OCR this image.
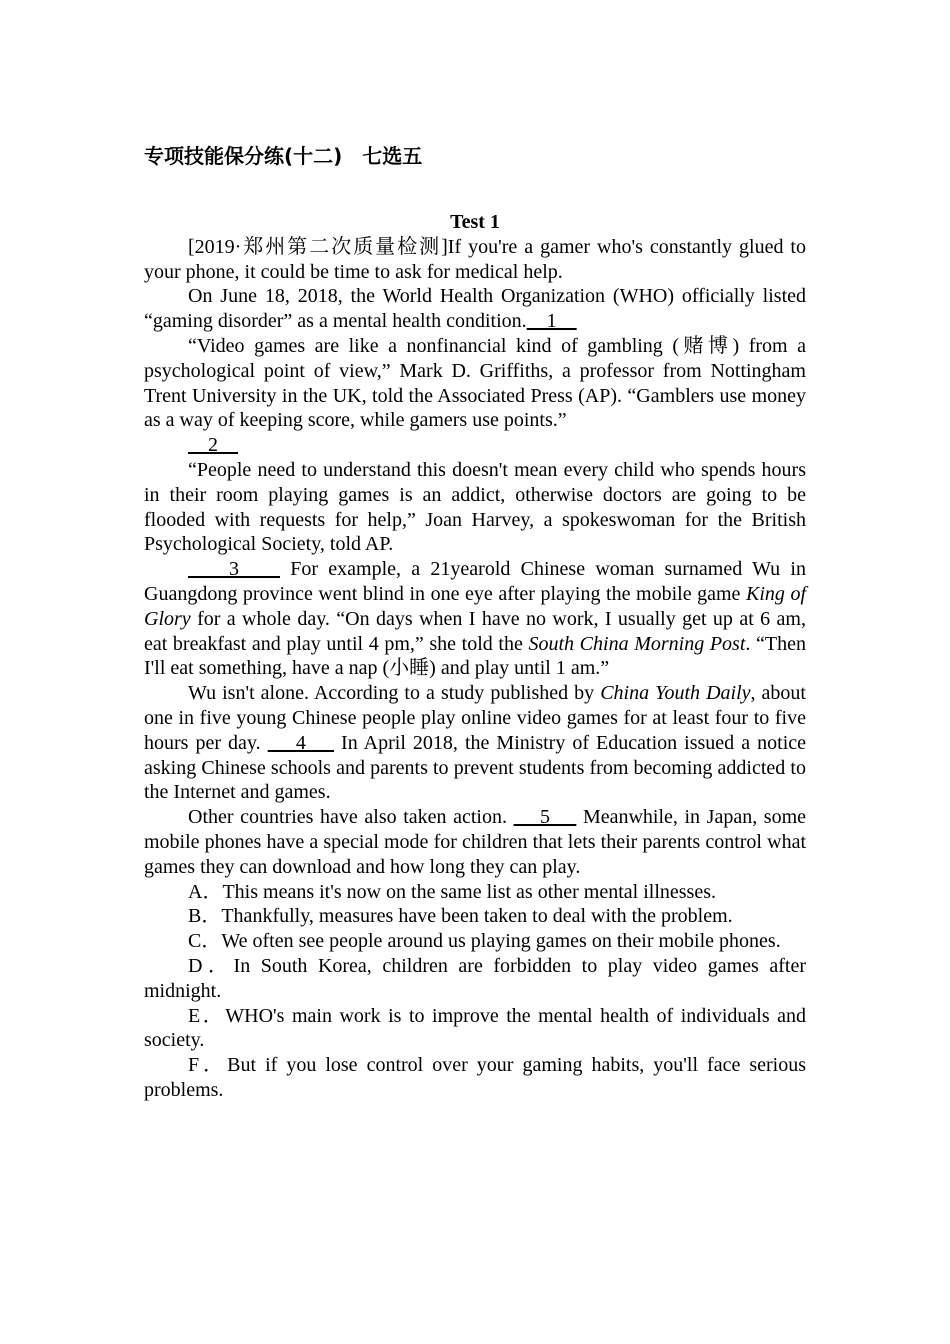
专项技能保分练(十二)　七选五
Test 1

[2019·郑州第二次质量检测]If you're a gamer who's constantly glued to your phone, it could be time to ask for medical help.

On June 18, 2018, the World Health Organization (WHO) officially listed “gaming disorder” as a mental health condition.    1

“Video games are like a nonfinancial kind of gambling (赌博) from a psychological point of view,” Mark D. Griffiths, a professor from Nottingham Trent University in the UK, told the Associated Press (AP). “Gamblers use money as a way of keeping score, while gamers use points.”

2

“People need to understand this doesn't mean every child who spends hours in their room playing games is an addict, otherwise doctors are going to be flooded with requests for help,” Joan Harvey, a spokeswoman for the British Psychological Society, told AP.

3     For example, a 21yearold Chinese woman surnamed Wu in Guangdong province went blind in one eye after playing the mobile game King of Glory for a whole day. “On days when I have no work, I usually get up at 6 am, eat breakfast and play until 4 pm,” she told the South China Morning Post. “Then I'll eat something, have a nap (小睡) and play until 1 am.”

Wu isn't alone. According to a study published by China Youth Daily, about one in five young Chinese people play online video games for at least four to five hours per day.     4     In April 2018, the Ministry of Education issued a notice asking Chinese schools and parents to prevent students from becoming addicted to the Internet and games.

Other countries have also taken action.     5     Meanwhile, in Japan, some mobile phones have a special mode for children that lets their parents control what games they can download and how long they can play.

A．This means it's now on the same list as other mental illnesses.

B．Thankfully, measures have been taken to deal with the problem.

C．We often see people around us playing games on their mobile phones.

D．In South Korea, children are forbidden to play video games after midnight.

E．WHO's main work is to improve the mental health of individuals and society.

F．But if you lose control over your gaming habits, you'll face serious problems.
